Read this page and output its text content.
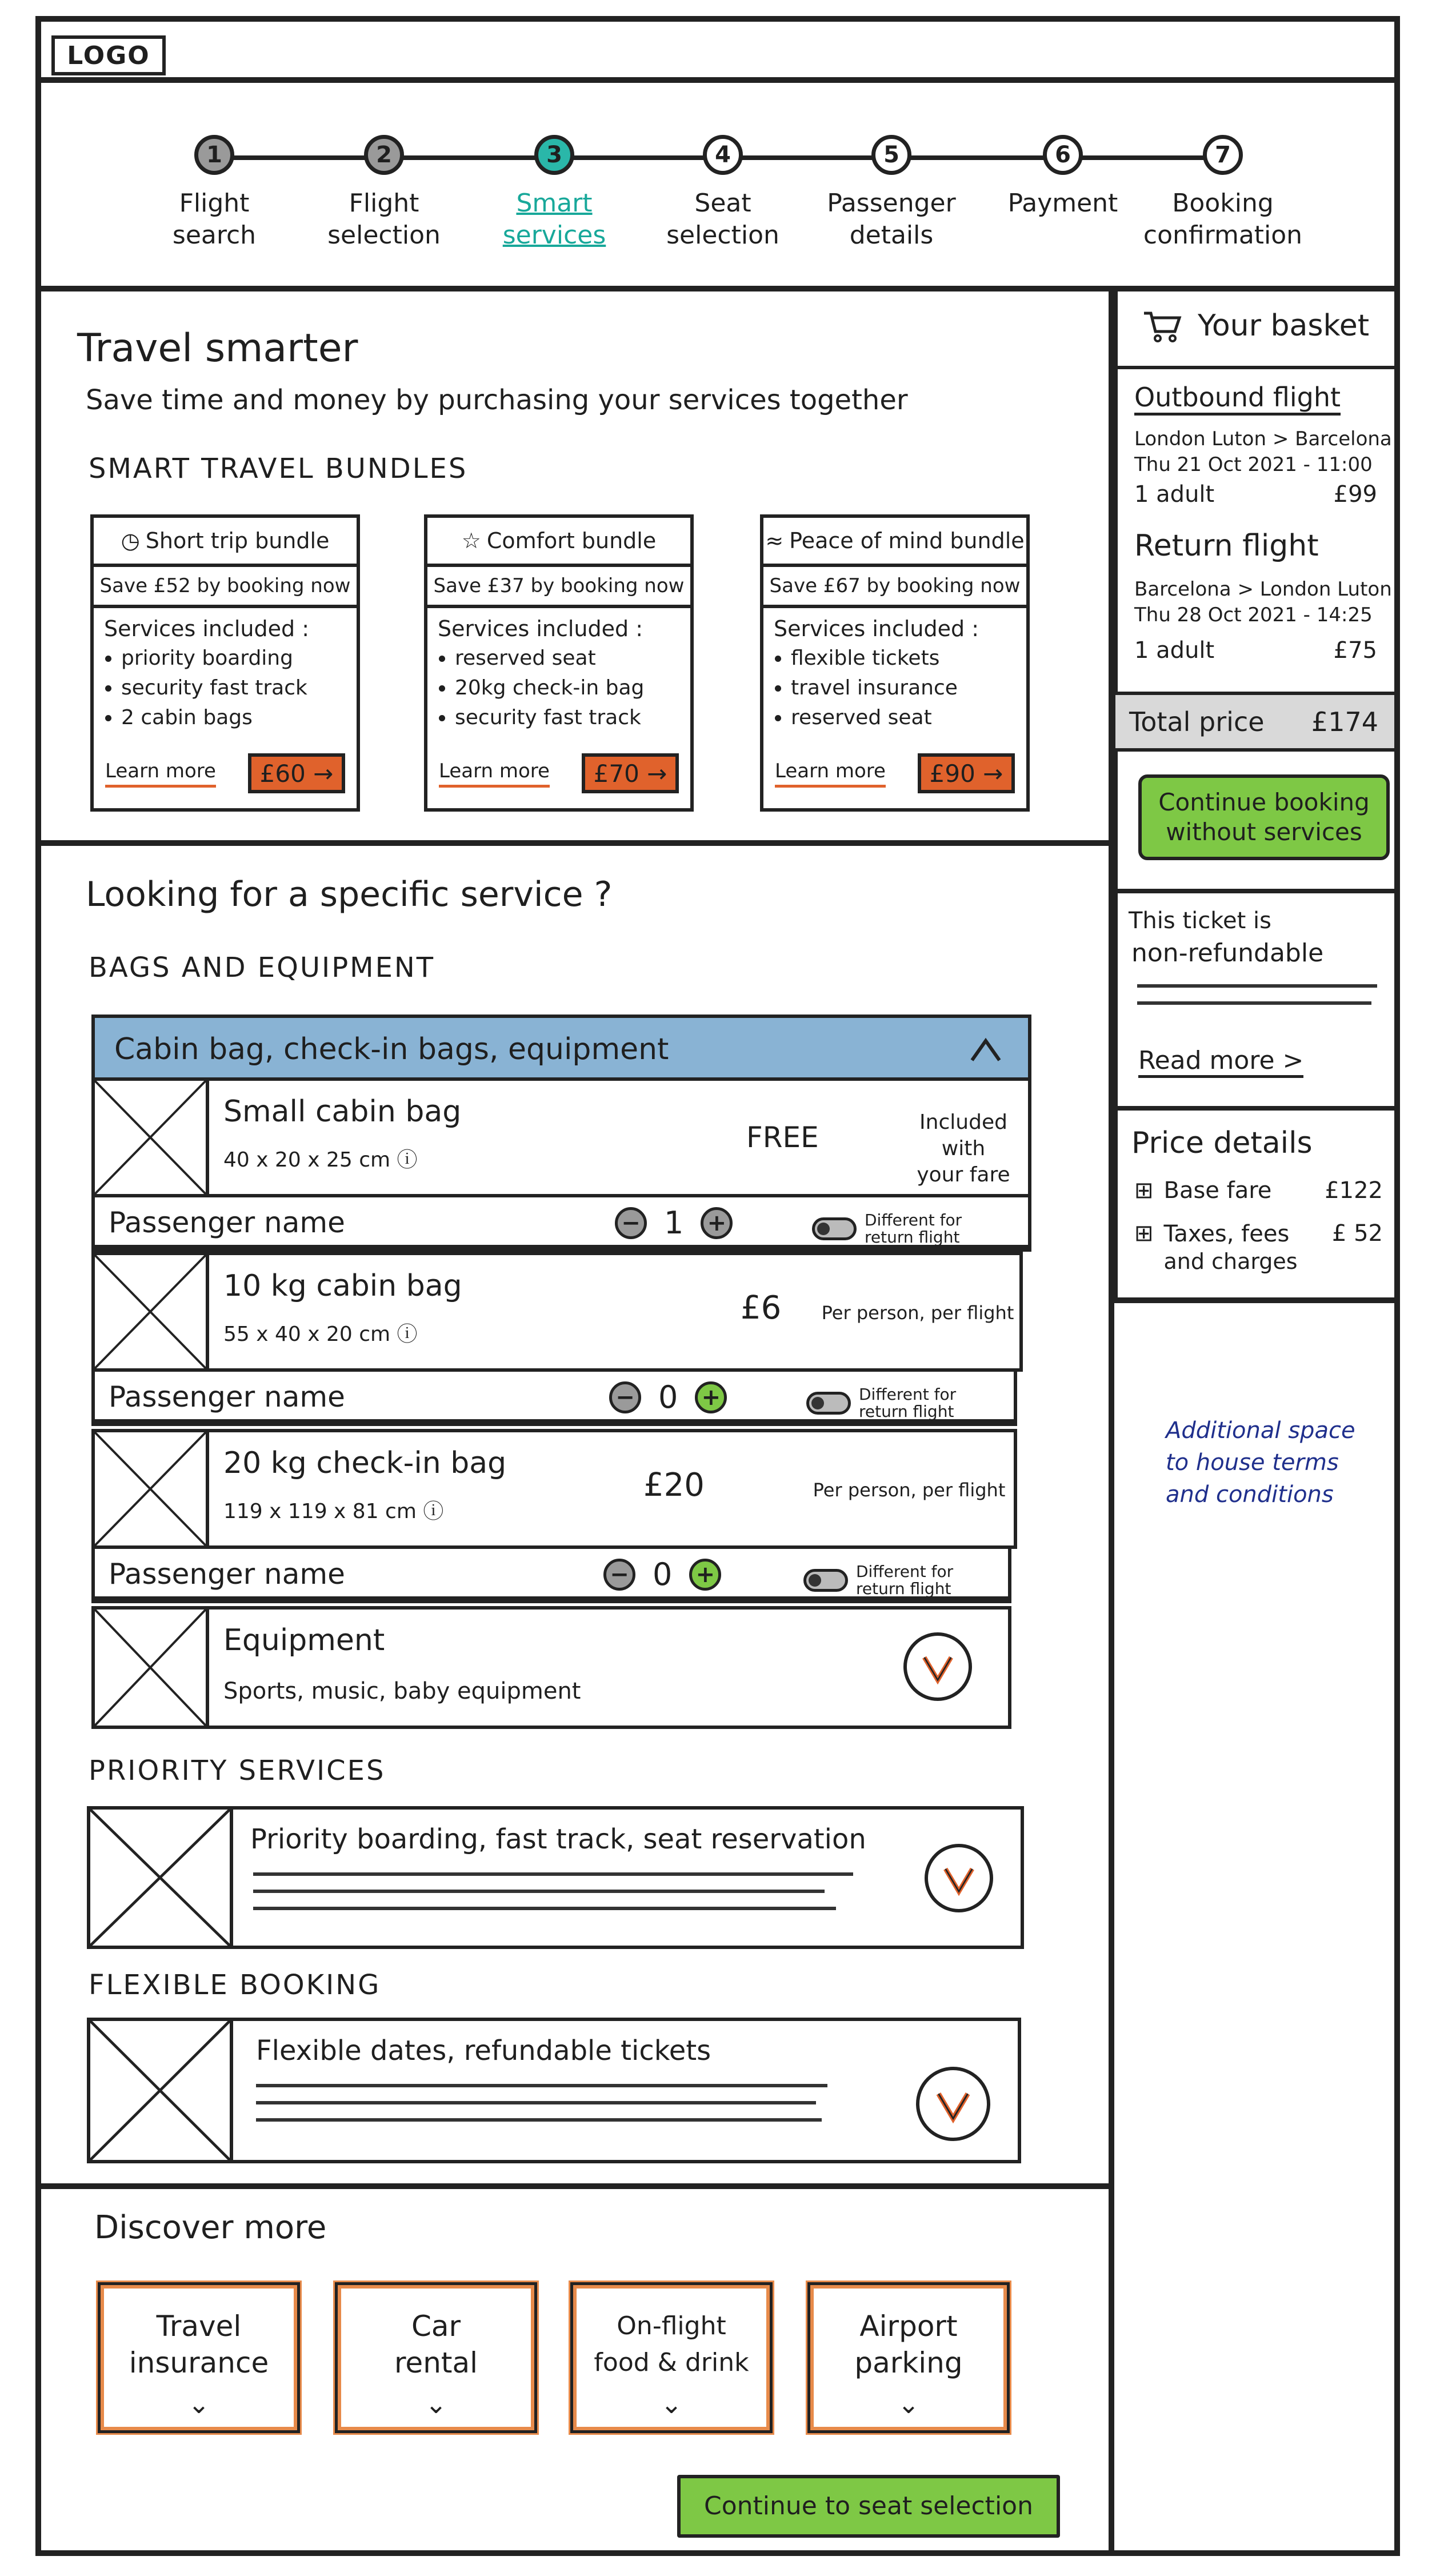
LOGO
1
Flight
search
2
Flight
selection
3
Smart
services
4
Seat
selection
5
Passenger
details
6
Payment
7
Booking
confirmation
Travel smarter
Save time and money by purchasing your services together
SMART TRAVEL BUNDLES
◷ Short trip bundle
Save £52 by booking now
Services included :
• priority boarding
• security fast track
• 2 cabin bags
Learn more	£60 →
☆ Comfort bundle
Save £37 by booking now
Services included :
• reserved seat
• 20kg check-in bag
• security fast track
Learn more	£70 →
≈ Peace of mind bundle
Save £67 by booking now
Services included :
• flexible tickets
• travel insurance
• reserved seat
Learn more	£90 →
Looking for a specific service ?
BAGS AND EQUIPMENT
Cabin bag, check-in bags, equipment
Small cabin bag
40 x 20 x 25 cm ⓘ
FREE	Included with
your fare
Passenger name	− 1 +	Different for
return flight
10 kg cabin bag
55 x 40 x 20 cm ⓘ
£6	Per person, per flight
Passenger name	− 0 +	Different for
return flight
20 kg check-in bag
119 x 119 x 81 cm ⓘ
£20	Per person, per flight
Passenger name	− 0 +	Different for
return flight
Equipment
Sports, music, baby equipment
PRIORITY SERVICES
Priority boarding, fast track, seat reservation
FLEXIBLE BOOKING
Flexible dates, refundable tickets
Discover more
Travel
insurance
⌄
Car
rental
⌄
On-flight
food & drink
⌄
Airport
parking
⌄
Continue to seat selection
Your basket
Outbound flight
London Luton > Barcelona
Thu 21 Oct 2021 - 11:00
1 adult	£99
Return flight
Barcelona > London Luton
Thu 28 Oct 2021 - 14:25
1 adult	£75
Total price £174
Continue booking without services
This ticket is
non-refundable
Read more >
Price details
⊞ Base fare £122
⊞ Taxes, fees
and charges
£ 52
Additional space
to house terms
and conditions
